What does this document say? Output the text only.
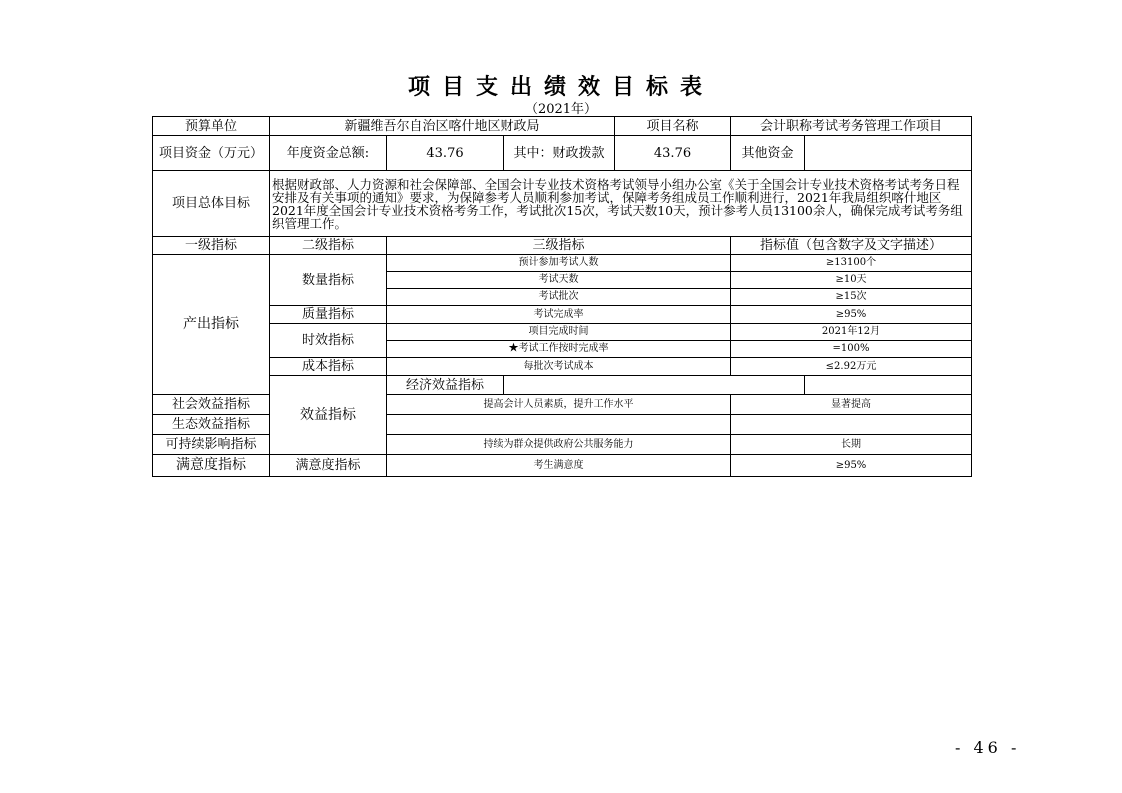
项目支出绩效目标表
（2021年）
预算单位	新疆维吾尔自治区喀什地区财政局			项目名称	会计职称考试考务管理工作项目	
项目资金（万元）	年度资金总额:	43.76	其中：财政拨款	43.76	其他资金	
项目总体目标	根据财政部、人力资源和社会保障部、全国会计专业技术资格考试领导小组办公室《关于全国会计专业技术资格考试考务日程安排及有关事项的通知》要求，为保障参考人员顺利参加考试，保障考务组成员工作顺利进行，2021年我局组织喀什地区2021年度全国会计专业技术资格考务工作，考试批次15次，考试天数10天，预计参考人员13100余人，确保完成考试考务组织管理工作。					
一级指标	二级指标	三级指标			指标值（包含数字及文字描述）	
产出指标	数量指标	预计参加考试人数			≥13100个	
		考试天数			≥10天	
		考试批次			≥15次	
	质量指标	考试完成率			≥95%	
	时效指标	项目完成时间			2021年12月	
		★考试工作按时完成率			=100%	
	成本指标	每批次考试成本			≤2.92万元	
	效益指标	经济效益指标				
社会效益指标		提高会计人员素质，提升工作水平			显著提高	
生态效益指标						
可持续影响指标		持续为群众提供政府公共服务能力			长期	
满意度指标	满意度指标	考生满意度			≥95%	
- 46 -
